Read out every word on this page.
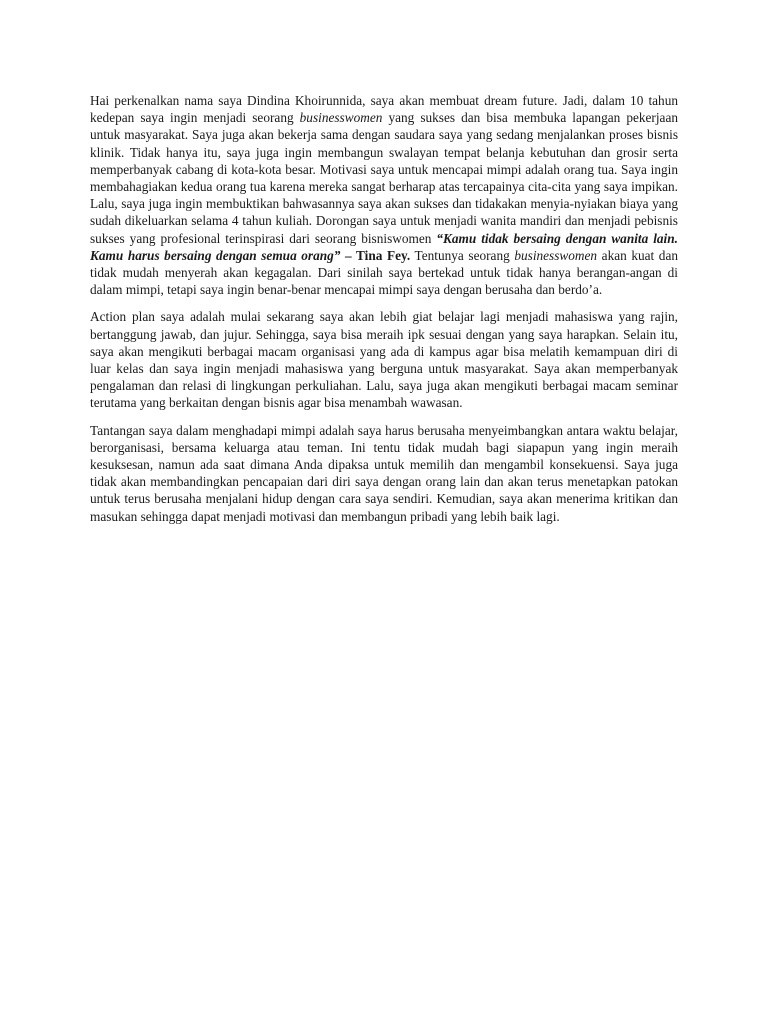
Hai perkenalkan nama saya Dindina Khoirunnida, saya akan membuat dream future. Jadi, dalam 10 tahun kedepan saya ingin menjadi seorang businesswomen yang sukses dan bisa membuka lapangan pekerjaan untuk masyarakat. Saya juga akan bekerja sama dengan saudara saya yang sedang menjalankan proses bisnis klinik. Tidak hanya itu, saya juga ingin membangun swalayan tempat belanja kebutuhan dan grosir serta memperbanyak cabang di kota-kota besar. Motivasi saya untuk mencapai mimpi adalah orang tua. Saya ingin membahagiakan kedua orang tua karena mereka sangat berharap atas tercapainya cita-cita yang saya impikan. Lalu, saya juga ingin membuktikan bahwasannya saya akan sukses dan tidakakan menyia-nyiakan biaya yang sudah dikeluarkan selama 4 tahun kuliah. Dorongan saya untuk menjadi wanita mandiri dan menjadi pebisnis sukses yang profesional terinspirasi dari seorang bisniswomen “Kamu tidak bersaing dengan wanita lain. Kamu harus bersaing dengan semua orang” – Tina Fey. Tentunya seorang businesswomen akan kuat dan tidak mudah menyerah akan kegagalan. Dari sinilah saya bertekad untuk tidak hanya berangan-angan di dalam mimpi, tetapi saya ingin benar-benar mencapai mimpi saya dengan berusaha dan berdo’a.

Action plan saya adalah mulai sekarang saya akan lebih giat belajar lagi menjadi mahasiswa yang rajin, bertanggung jawab, dan jujur. Sehingga, saya bisa meraih ipk sesuai dengan yang saya harapkan. Selain itu, saya akan mengikuti berbagai macam organisasi yang ada di kampus agar bisa melatih kemampuan diri di luar kelas dan saya ingin menjadi mahasiswa yang berguna untuk masyarakat. Saya akan memperbanyak pengalaman dan relasi di lingkungan perkuliahan. Lalu, saya juga akan mengikuti berbagai macam seminar terutama yang berkaitan dengan bisnis agar bisa menambah wawasan.

Tantangan saya dalam menghadapi mimpi adalah saya harus berusaha menyeimbangkan antara waktu belajar, berorganisasi, bersama keluarga atau teman. Ini tentu tidak mudah bagi siapapun yang ingin meraih kesuksesan, namun ada saat dimana Anda dipaksa untuk memilih dan mengambil konsekuensi. Saya juga tidak akan membandingkan pencapaian dari diri saya dengan orang lain dan akan terus menetapkan patokan untuk terus berusaha menjalani hidup dengan cara saya sendiri. Kemudian, saya akan menerima kritikan dan masukan sehingga dapat menjadi motivasi dan membangun pribadi yang lebih baik lagi.
